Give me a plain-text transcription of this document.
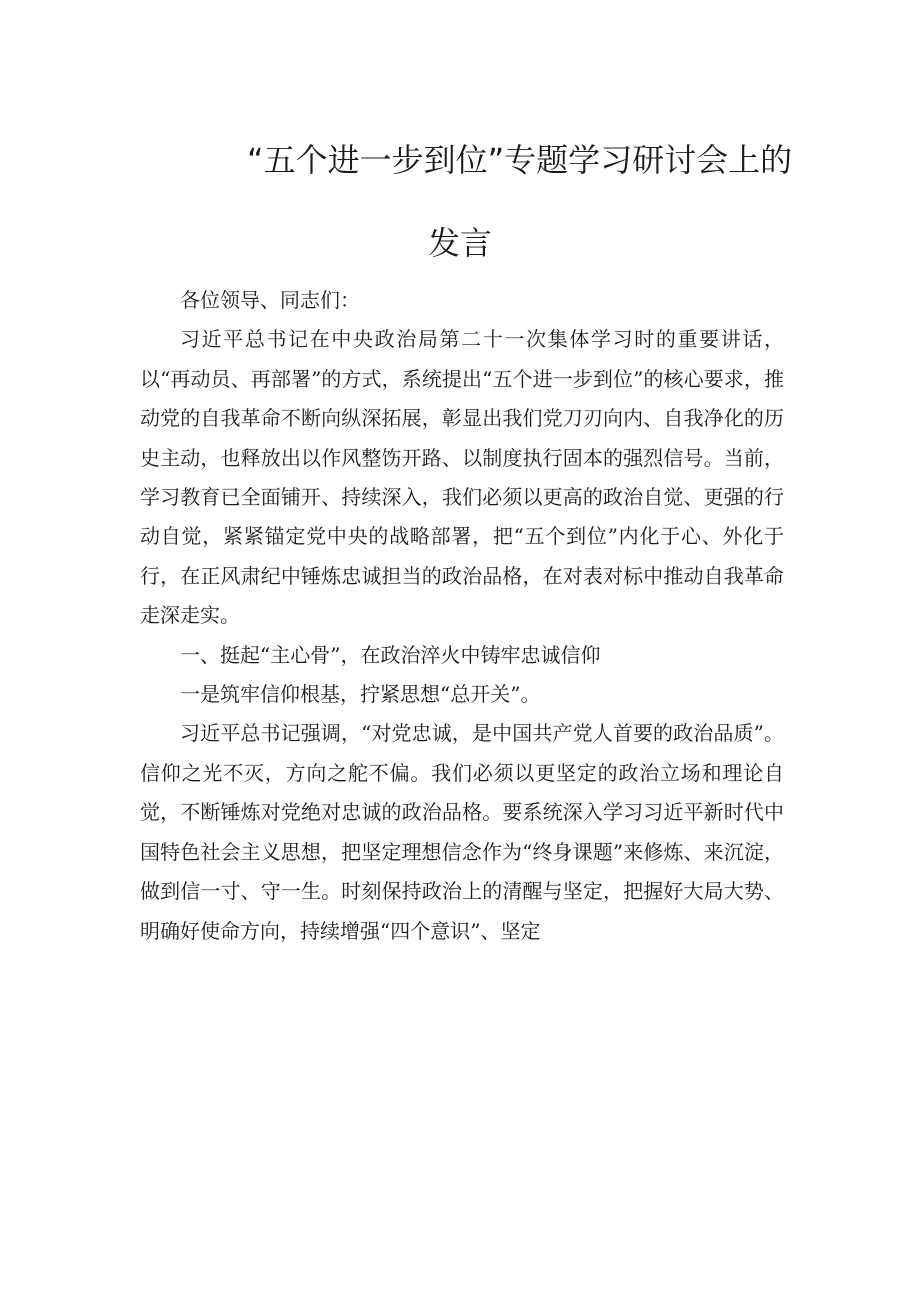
“五个进一步到位”专题学习研讨会上的
发言

各位领导、同志们：

习近平总书记在中央政治局第二十一次集体学习时的重要讲话，以“再动员、再部署”的方式，系统提出“五个进一步到位”的核心要求，推动党的自我革命不断向纵深拓展，彰显出我们党刀刃向内、自我净化的历史主动，也释放出以作风整饬开路、以制度执行固本的强烈信号。当前，学习教育已全面铺开、持续深入，我们必须以更高的政治自觉、更强的行动自觉，紧紧锚定党中央的战略部署，把“五个到位”内化于心、外化于行，在正风肃纪中锤炼忠诚担当的政治品格，在对表对标中推动自我革命走深走实。

一、挺起“主心骨”，在政治淬火中铸牢忠诚信仰

一是筑牢信仰根基，拧紧思想“总开关”。

习近平总书记强调，“对党忠诚，是中国共产党人首要的政治品质”。信仰之光不灭，方向之舵不偏。我们必须以更坚定的政治立场和理论自觉，不断锤炼对党绝对忠诚的政治品格。要系统深入学习习近平新时代中国特色社会主义思想，把坚定理想信念作为“终身课题”来修炼、来沉淀，做到信一寸、守一生。时刻保持政治上的清醒与坚定，把握好大局大势、明确好使命方向，持续增强“四个意识”、坚定
